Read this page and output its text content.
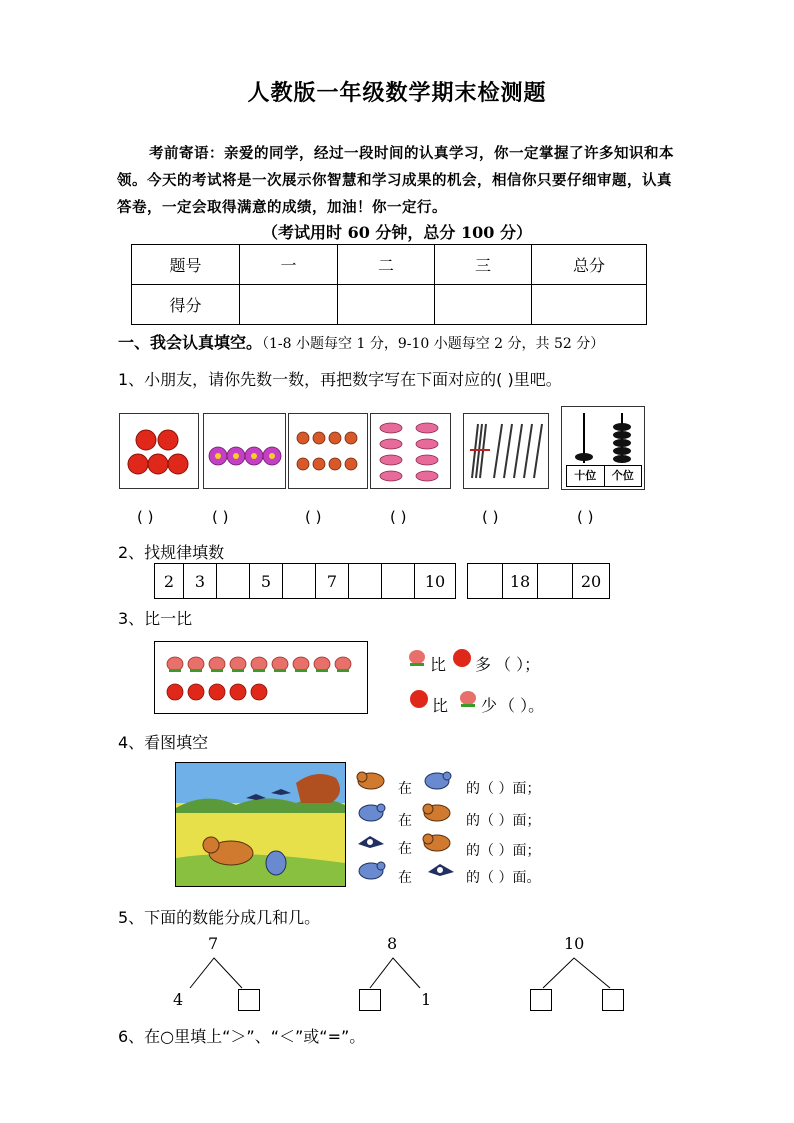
人教版一年级数学期末检测题
考前寄语：亲爱的同学，经过一段时间的认真学习，你一定掌握了许多知识和本领。今天的考试将是一次展示你智慧和学习成果的机会，相信你只要仔细审题，认真答卷，一定会取得满意的成绩，加油！你一定行。
（考试用时 60 分钟，总分 100 分）
题号	一	二	三	总分
得分				
一、我会认真填空。（1-8 小题每空 1 分，9-10 小题每空 2 分，共 52 分）
1、小朋友，请你先数一数，再把数字写在下面对应的( )里吧。
十位	个位
( )	( )	( )	( )	( )	( )
2、找规律填数
2	3		5		7			10
		18		20
3、比一比
比 多 （ ）；
比 少 （ ）。
4、看图填空
在	的（ ）面；
在	的（ ）面；
在	的（ ）面；
在	的（ ）面。
5、下面的数能分成几和几。
7
4
8
1
10
6、在○里填上“＞”、“＜”或“=”。
